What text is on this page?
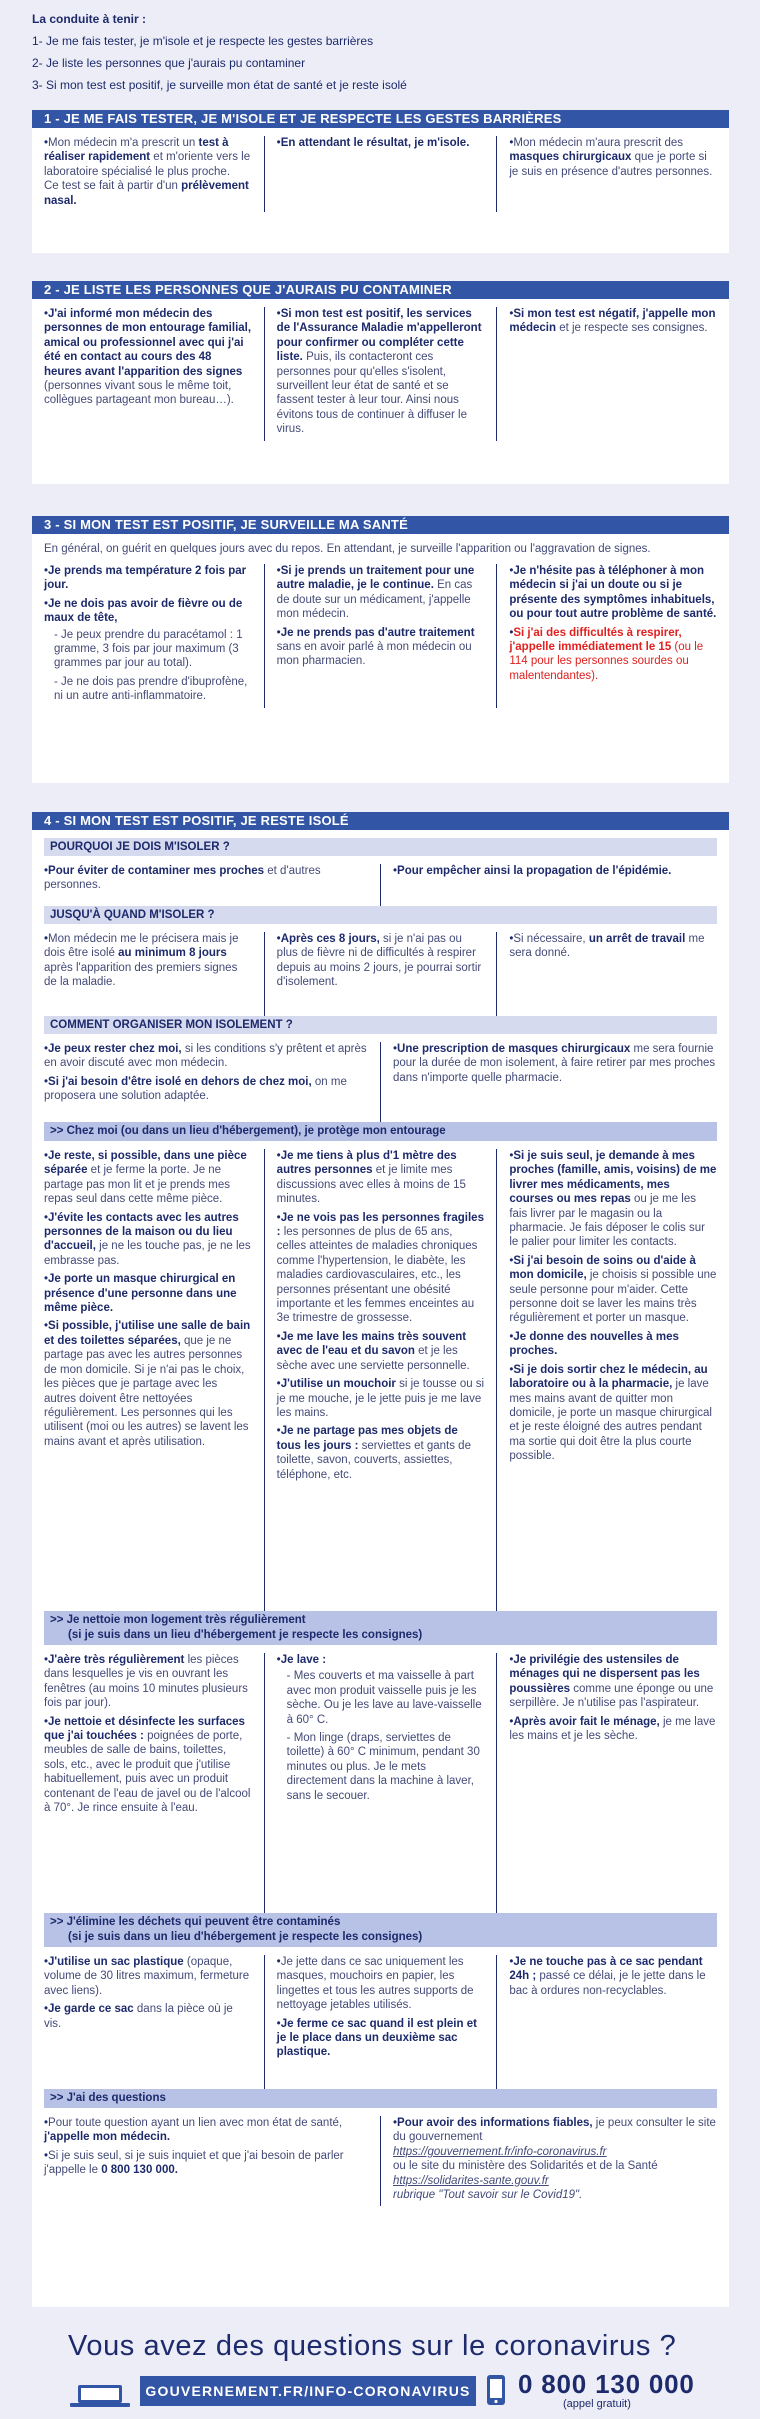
La conduite à tenir :
1- Je me fais tester, je m'isole et je respecte les gestes barrières
2- Je liste les personnes que j'aurais pu contaminer
3- Si mon test est positif, je surveille mon état de santé et je reste isolé
1 - JE ME FAIS TESTER, JE M'ISOLE ET JE RESPECTE LES GESTES BARRIÈRES
• Mon médecin m'a prescrit un test à réaliser rapidement et m'oriente vers le laboratoire spécialisé le plus proche.
Ce test se fait à partir d'un prélèvement nasal.
• En attendant le résultat, je m'isole.
•	Mon médecin m'aura prescrit des masques chirurgicaux que je porte si je suis en présence d'autres personnes.
2 - JE LISTE LES PERSONNES QUE J'AURAIS PU CONTAMINER
• J'ai informé mon médecin des personnes de mon entourage familial, amical ou professionnel avec qui j'ai été en contact au cours des 48 heures avant l'apparition des signes (personnes vivant sous le même toit, collègues partageant mon bureau…).
• Si mon test est positif, les services de l'Assurance Maladie m'appelleront pour confirmer ou compléter cette liste. Puis, ils contacteront ces personnes pour qu'elles s'isolent, surveillent leur état de santé et se fassent tester à leur tour. Ainsi nous évitons tous de continuer à diffuser le virus.
• Si mon test est négatif, j'appelle mon médecin et je respecte ses consignes.
3 - SI MON TEST EST POSITIF, JE SURVEILLE MA SANTÉ
En général, on guérit en quelques jours avec du repos. En attendant, je surveille l'apparition ou l'aggravation de signes.
• Je prends ma température 2 fois par jour.
• Je ne dois pas avoir de fièvre ou de maux de tête,
- Je peux prendre du paracétamol : 1 gramme, 3 fois par jour maximum (3 grammes par jour au total).
- Je ne dois pas prendre d'ibuprofène, ni un autre anti-inflammatoire.
• Si je prends un traitement pour une autre maladie, je le continue. En cas de doute sur un médicament, j'appelle mon médecin.
• Je ne prends pas d'autre traitement sans en avoir parlé à mon médecin ou mon pharmacien.
• Je n'hésite pas à téléphoner à mon médecin si j'ai un doute ou si je présente des symptômes inhabituels, ou pour tout autre problème de santé.
• Si j'ai des difficultés à respirer, j'appelle immédiatement le 15 (ou le 114 pour les personnes sourdes ou malentendantes).
4 - SI MON TEST EST POSITIF, JE RESTE ISOLÉ
POURQUOI JE DOIS M'ISOLER ?
• Pour éviter de contaminer mes proches et d'autres personnes.
• Pour empêcher ainsi la propagation de l'épidémie.
JUSQU'À QUAND M'ISOLER ?
• Mon médecin me le précisera mais je dois être isolé au minimum 8 jours après l'apparition des premiers signes de la maladie.
• Après ces 8 jours, si je n'ai pas ou plus de fièvre ni de difficultés à respirer depuis au moins 2 jours, je pourrai sortir d'isolement.
• Si nécessaire, un arrêt de travail me sera donné.
COMMENT ORGANISER MON ISOLEMENT ?
• Je peux rester chez moi, si les conditions s'y prêtent et après en avoir discuté avec mon médecin.
• Si j'ai besoin d'être isolé en dehors de chez moi, on me proposera une solution adaptée.
• Une prescription de masques chirurgicaux me sera fournie pour la durée de mon isolement, à faire retirer par mes proches dans n'importe quelle pharmacie.
>> Chez moi (ou dans un lieu d'hébergement), je protège mon entourage
• Je reste, si possible, dans une pièce séparée et je ferme la porte. Je ne partage pas mon lit et je prends mes repas seul dans cette même pièce.
• J'évite les contacts avec les autres personnes de la maison ou du lieu d'accueil, je ne les touche pas, je ne les embrasse pas.
• Je porte un masque chirurgical en présence d'une personne dans une même pièce.
• Si possible, j'utilise une salle de bain et des toilettes séparées, que je ne partage pas avec les autres personnes de mon domicile. Si je n'ai pas le choix, les pièces que je partage avec les autres doivent être nettoyées régulièrement. Les personnes qui les utilisent (moi ou les autres) se lavent les mains avant et après utilisation.
• Je me tiens à plus d'1 mètre des autres personnes et je limite mes discussions avec elles à moins de 15 minutes.
• Je ne vois pas les personnes fragiles : les personnes de plus de 65 ans, celles atteintes de maladies chroniques comme l'hypertension, le diabète, les maladies cardiovasculaires, etc., les personnes présentant une obésité importante et les femmes enceintes au 3e trimestre de grossesse.
• Je me lave les mains très souvent avec de l'eau et du savon et je les sèche avec une serviette personnelle.
• J'utilise un mouchoir si je tousse ou si je me mouche, je le jette puis je me lave les mains.
• Je ne partage pas mes objets de tous les jours : serviettes et gants de toilette, savon, couverts, assiettes, téléphone, etc.
• Si je suis seul, je demande à mes proches (famille, amis, voisins) de me livrer mes médicaments, mes courses ou mes repas ou je me les fais livrer par le magasin ou la pharmacie. Je fais déposer le colis sur le palier pour limiter les contacts.
• Si j'ai besoin de soins ou d'aide à mon domicile, je choisis si possible une seule personne pour m'aider. Cette personne doit se laver les mains très régulièrement et porter un masque.
• Je donne des nouvelles à mes proches.
• Si je dois sortir chez le médecin, au laboratoire ou à la pharmacie, je lave mes mains avant de quitter mon domicile, je porte un masque chirurgical et je reste éloigné des autres pendant ma sortie qui doit être la plus courte possible.
>> Je nettoie mon logement très régulièrement
(si je suis dans un lieu d'hébergement je respecte les consignes)
• J'aère très régulièrement les pièces dans lesquelles je vis en ouvrant les fenêtres (au moins 10 minutes plusieurs fois par jour).
• Je nettoie et désinfecte les surfaces que j'ai touchées : poignées de porte, meubles de salle de bains, toilettes, sols, etc., avec le produit que j'utilise habituellement, puis avec un produit contenant de l'eau de javel ou de l'alcool à 70°. Je rince ensuite à l'eau.
• Je lave :
- Mes couverts et ma vaisselle à part avec mon produit vaisselle puis je les sèche. Ou je les lave au lave-vaisselle à 60° C.
- Mon linge (draps, serviettes de toilette) à 60° C minimum, pendant 30 minutes ou plus. Je le mets directement dans la machine à laver, sans le secouer.
• Je privilégie des ustensiles de ménages qui ne dispersent pas les poussières comme une éponge ou une serpillère. Je n'utilise pas l'aspirateur.
• Après avoir fait le ménage, je me lave les mains et je les sèche.
>> J'élimine les déchets qui peuvent être contaminés
(si je suis dans un lieu d'hébergement je respecte les consignes)
• J'utilise un sac plastique (opaque, volume de 30 litres maximum, fermeture avec liens).
• Je garde ce sac dans la pièce où je vis.
• Je jette dans ce sac uniquement les masques, mouchoirs en papier, les lingettes et tous les autres supports de nettoyage jetables utilisés.
• Je ferme ce sac quand il est plein et je le place dans un deuxième sac plastique.
• Je ne touche pas à ce sac pendant 24h ; passé ce délai, je le jette dans le bac à ordures non-recyclables.
>> J'ai des questions
• Pour toute question ayant un lien avec mon état de santé, j'appelle mon médecin.
• Si je suis seul, si je suis inquiet et que j'ai besoin de parler j'appelle le 0 800 130 000.
• Pour avoir des informations fiables, je peux consulter le site du gouvernement
https://gouvernement.fr/info-coronavirus.fr
ou le site du ministère des Solidarités et de la Santé
https://solidarites-sante.gouv.fr
rubrique "Tout savoir sur le Covid19".
Vous avez des questions sur le coronavirus ?
GOUVERNEMENT.FR/INFO-CORONAVIRUS 0 800 130 000
(appel gratuit)
